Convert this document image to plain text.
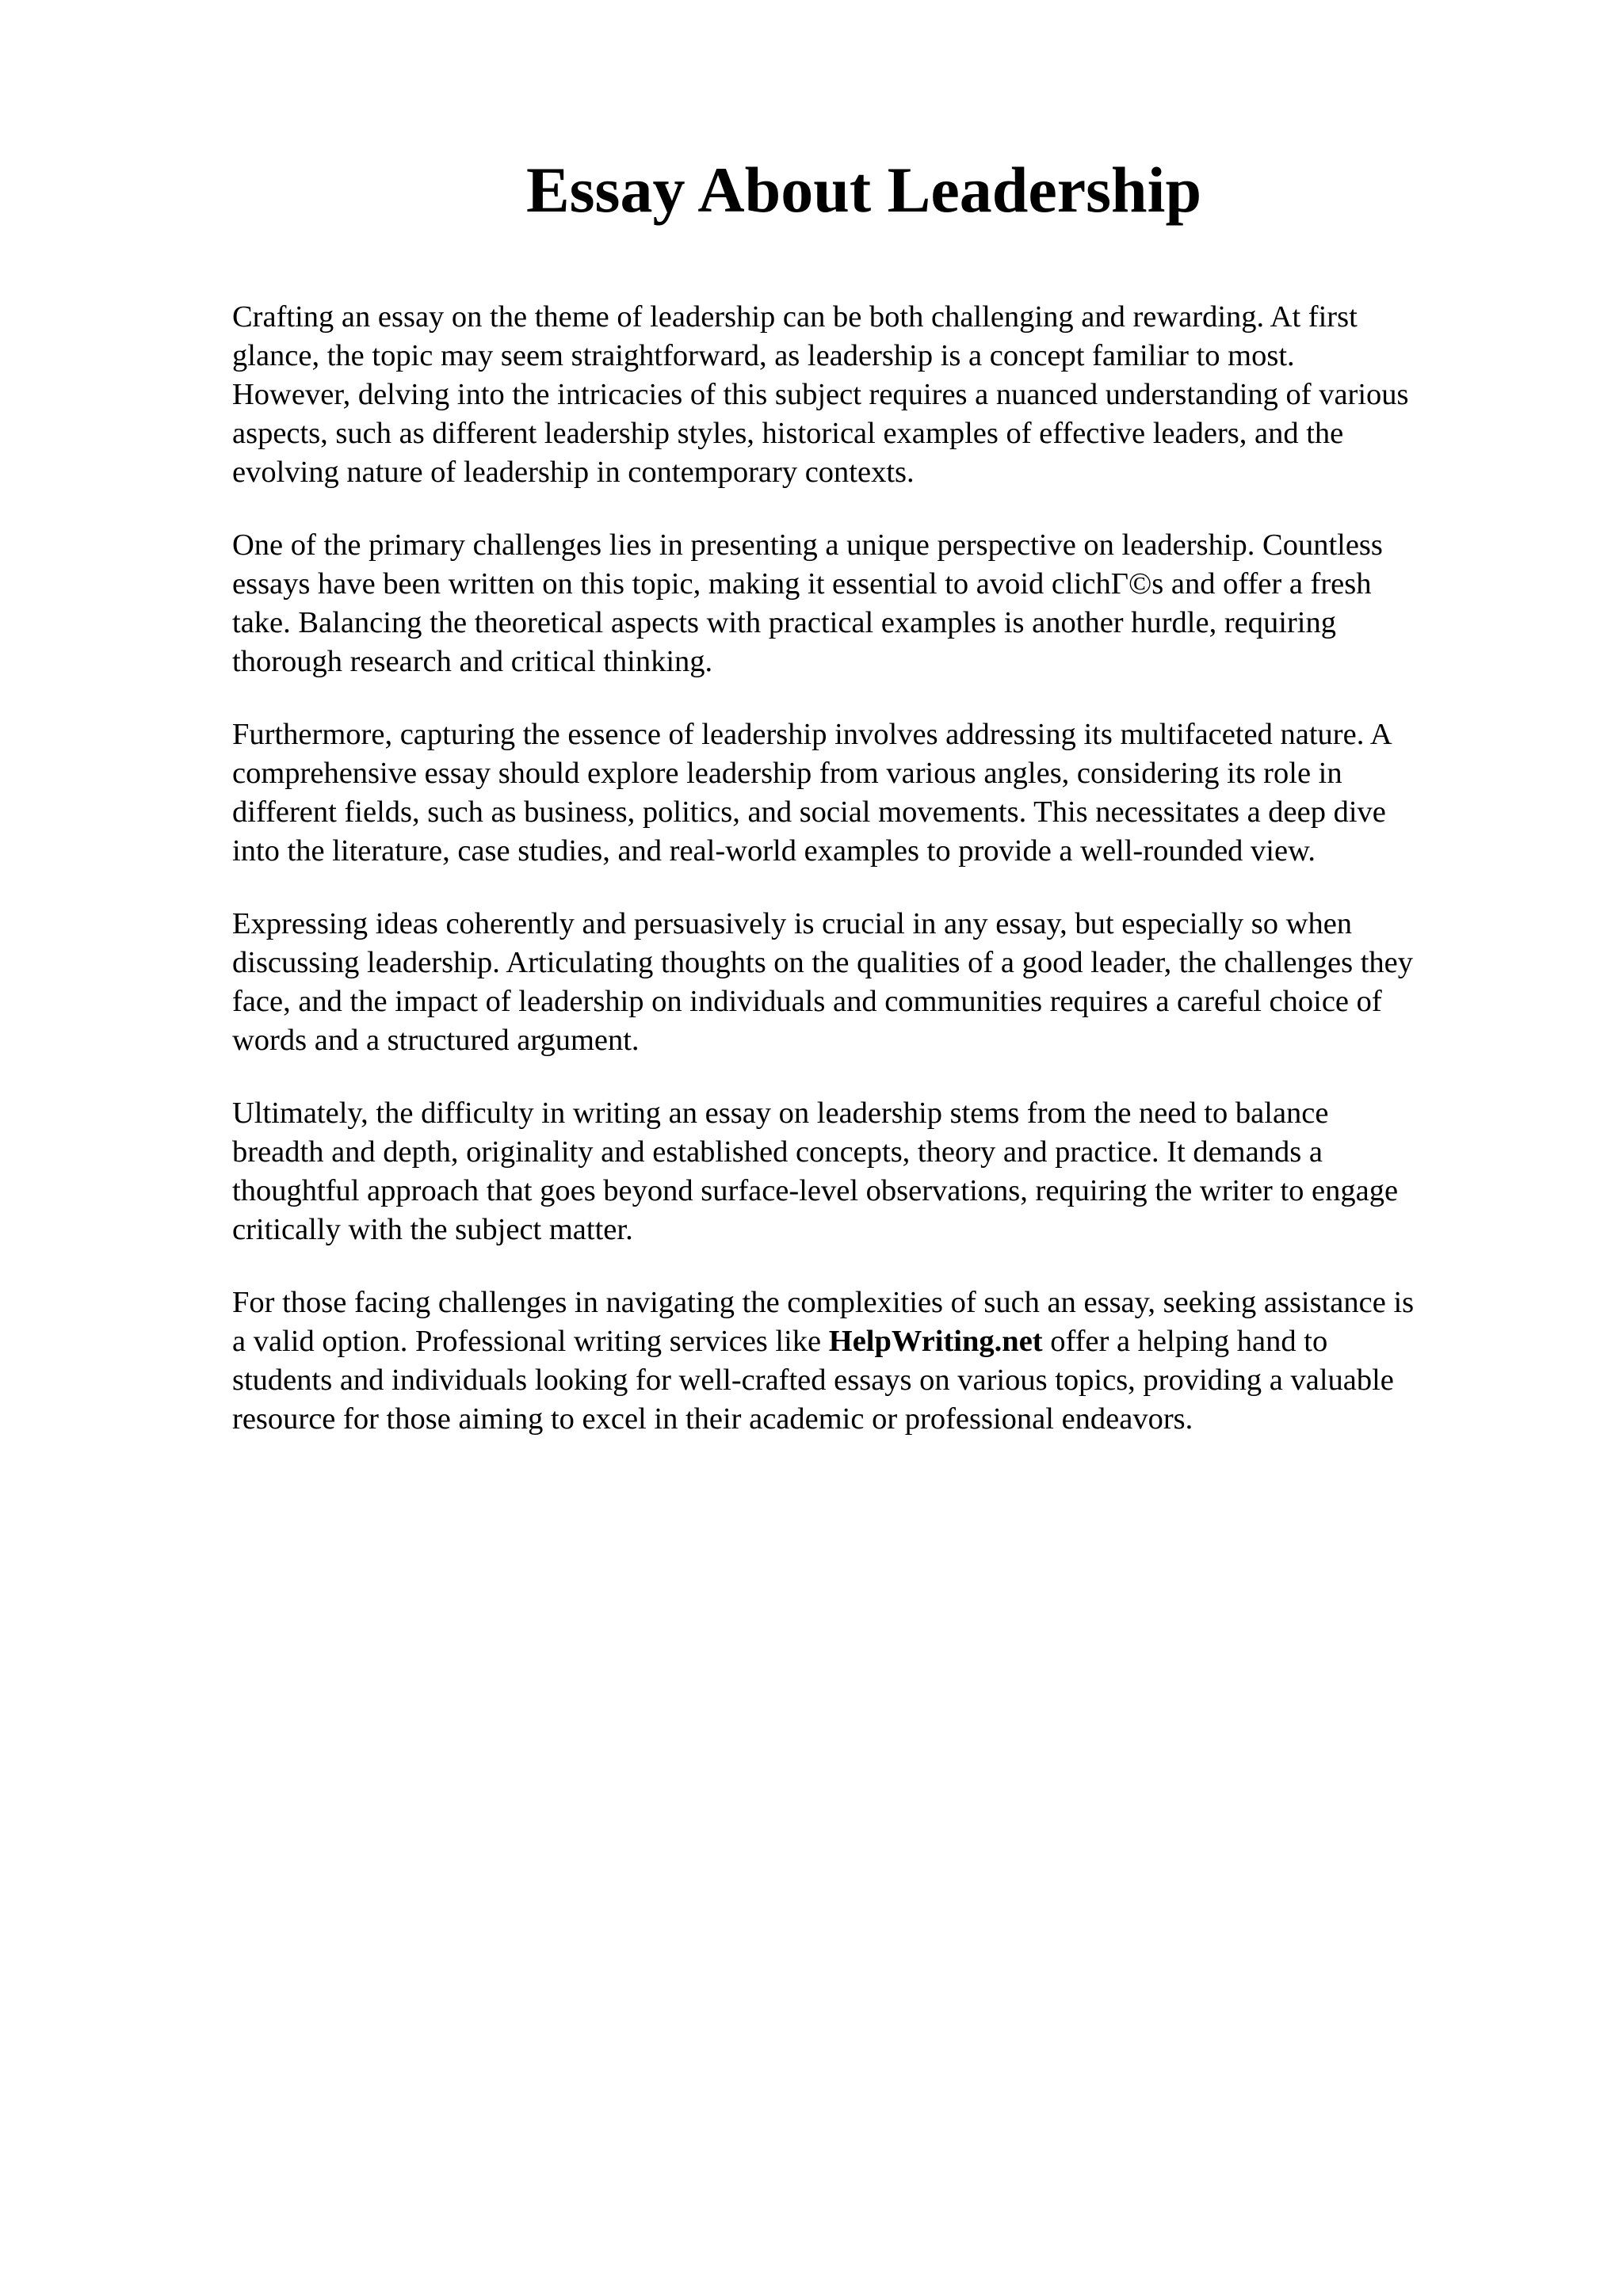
Essay About Leadership

Crafting an essay on the theme of leadership can be both challenging and rewarding. At first
glance, the topic may seem straightforward, as leadership is a concept familiar to most.
However, delving into the intricacies of this subject requires a nuanced understanding of various
aspects, such as different leadership styles, historical examples of effective leaders, and the
evolving nature of leadership in contemporary contexts.

One of the primary challenges lies in presenting a unique perspective on leadership. Countless
essays have been written on this topic, making it essential to avoid clichΓ©s and offer a fresh
take. Balancing the theoretical aspects with practical examples is another hurdle, requiring
thorough research and critical thinking.

Furthermore, capturing the essence of leadership involves addressing its multifaceted nature. A
comprehensive essay should explore leadership from various angles, considering its role in
different fields, such as business, politics, and social movements. This necessitates a deep dive
into the literature, case studies, and real-world examples to provide a well-rounded view.

Expressing ideas coherently and persuasively is crucial in any essay, but especially so when
discussing leadership. Articulating thoughts on the qualities of a good leader, the challenges they
face, and the impact of leadership on individuals and communities requires a careful choice of
words and a structured argument.

Ultimately, the difficulty in writing an essay on leadership stems from the need to balance
breadth and depth, originality and established concepts, theory and practice. It demands a
thoughtful approach that goes beyond surface-level observations, requiring the writer to engage
critically with the subject matter.

For those facing challenges in navigating the complexities of such an essay, seeking assistance is
a valid option. Professional writing services like HelpWriting.net offer a helping hand to
students and individuals looking for well-crafted essays on various topics, providing a valuable
resource for those aiming to excel in their academic or professional endeavors.
